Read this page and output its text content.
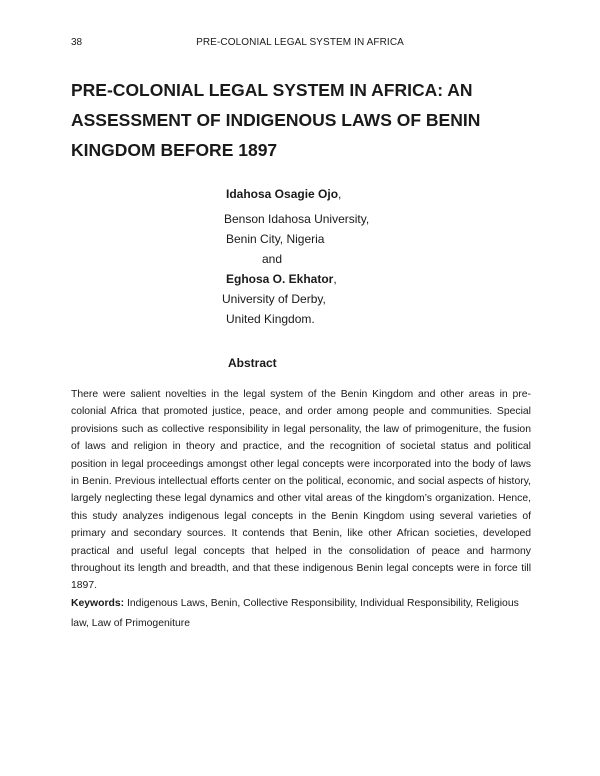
38	PRE-COLONIAL LEGAL SYSTEM IN AFRICA
PRE-COLONIAL LEGAL SYSTEM IN AFRICA: AN
ASSESSMENT OF INDIGENOUS LAWS OF BENIN
KINGDOM BEFORE 1897
Idahosa Osagie Ojo,
Benson Idahosa University,
Benin City, Nigeria
and
Eghosa O. Ekhator,
University of Derby,
United Kingdom.
Abstract

There were salient novelties in the legal system of the Benin Kingdom and other areas in pre-colonial Africa that promoted justice, peace, and order among people and communities. Special provisions such as collective responsibility in legal personality, the law of primogeniture, the fusion of laws and religion in theory and practice, and the recognition of societal status and political position in legal proceedings amongst other legal concepts were incorporated into the body of laws in Benin. Previous intellectual efforts center on the political, economic, and social aspects of history, largely neglecting these legal dynamics and other vital areas of the kingdom’s organization. Hence, this study analyzes indigenous legal concepts in the Benin Kingdom using several varieties of primary and secondary sources. It contends that Benin, like other African societies, developed practical and useful legal concepts that helped in the consolidation of peace and harmony throughout its length and breadth, and that these indigenous Benin legal concepts were in force till 1897.

Keywords: Indigenous Laws, Benin, Collective Responsibility, Individual Responsibility, Religious law, Law of Primogeniture
